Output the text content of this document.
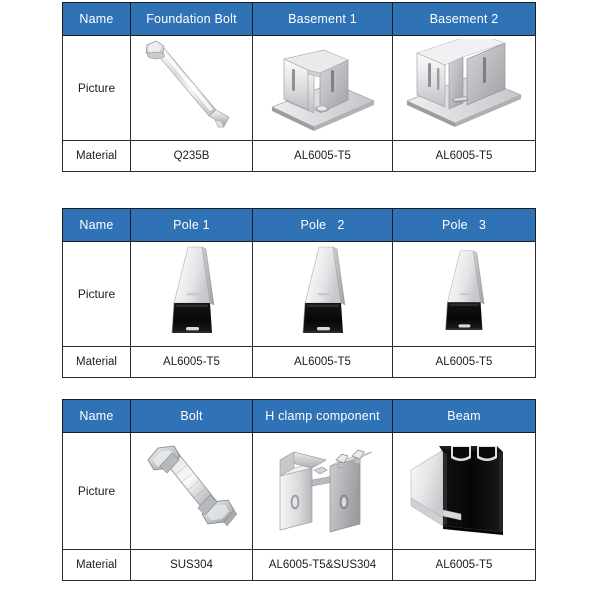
Name	Foundation Bolt	Basement 1	Basement 2
Picture	

Material	Q235B	AL6005-T5	AL6005-T5
Name	Pole 1	Pole   2	Pole   3
Picture	

Material	AL6005-T5	AL6005-T5	AL6005-T5
Name	Bolt	H clamp component	Beam
Picture	

Material	SUS304	AL6005-T5&SUS304	AL6005-T5
